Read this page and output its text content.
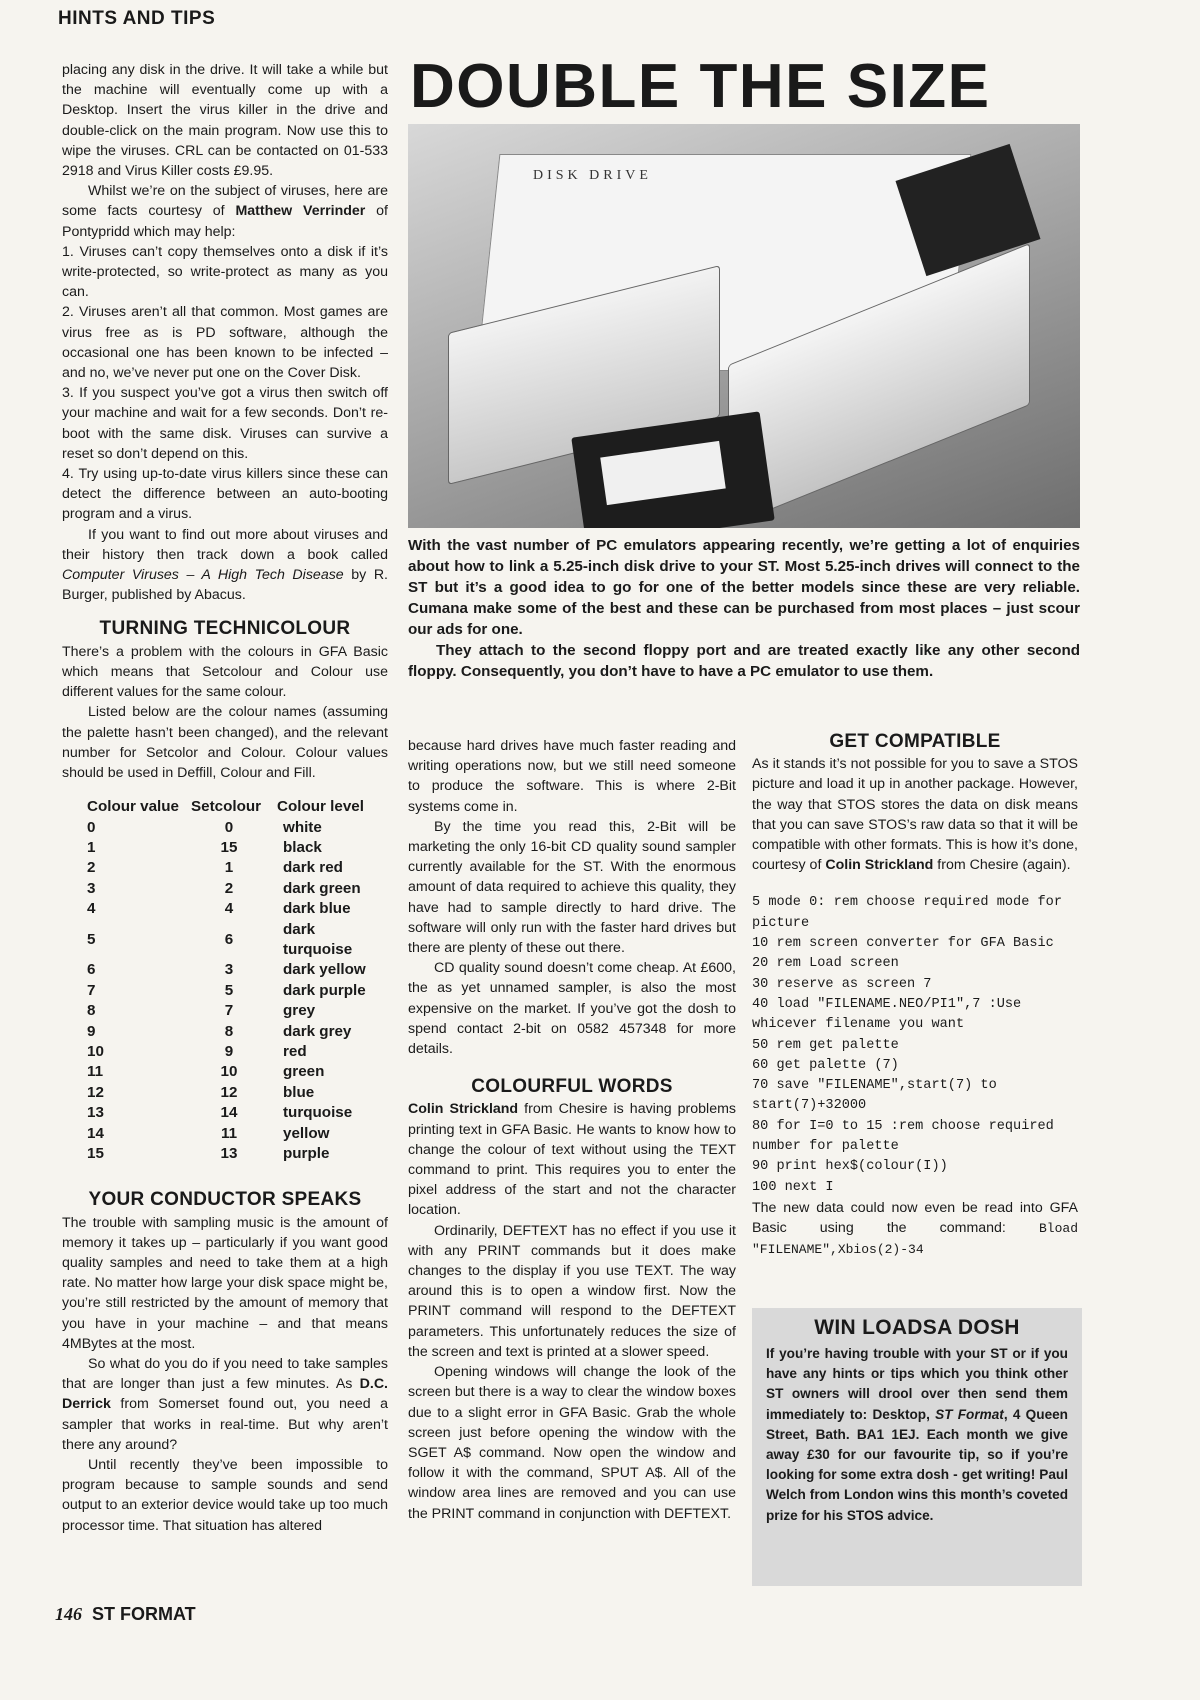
HINTS AND TIPS

placing any disk in the drive. It will take a while but the machine will eventually come up with a Desktop. Insert the virus killer in the drive and double-click on the main program. Now use this to wipe the viruses. CRL can be contacted on 01-533 2918 and Virus Killer costs £9.95.

Whilst we’re on the subject of viruses, here are some facts courtesy of Matthew Verrinder of Pontypridd which may help:

1. Viruses can’t copy themselves onto a disk if it’s write-protected, so write-protect as many as you can.

2. Viruses aren’t all that common. Most games are virus free as is PD software, although the occasional one has been known to be infected – and no, we’ve never put one on the Cover Disk.

3. If you suspect you’ve got a virus then switch off your machine and wait for a few seconds. Don’t re-boot with the same disk. Viruses can survive a reset so don’t depend on this.

4. Try using up-to-date virus killers since these can detect the difference between an auto-booting program and a virus.

If you want to find out more about viruses and their history then track down a book called Computer Viruses – A High Tech Disease by R. Burger, published by Abacus.

TURNING TECHNICOLOUR

There’s a problem with the colours in GFA Basic which means that Setcolour and Colour use different values for the same colour.

Listed below are the colour names (assuming the palette hasn’t been changed), and the relevant number for Setcolor and Colour. Colour values should be used in Deffill, Colour and Fill.

Colour value	Setcolour	Colour level
0	0	white
1	15	black
2	1	dark red
3	2	dark green
4	4	dark blue
5	6	dark turquoise
6	3	dark yellow
7	5	dark purple
8	7	grey
9	8	dark grey
10	9	red
11	10	green
12	12	blue
13	14	turquoise
14	11	yellow
15	13	purple
YOUR CONDUCTOR SPEAKS

The trouble with sampling music is the amount of memory it takes up – particularly if you want good quality samples and need to take them at a high rate. No matter how large your disk space might be, you’re still restricted by the amount of memory that you have in your machine – and that means 4MBytes at the most.

So what do you do if you need to take samples that are longer than just a few minutes. As D.C. Derrick from Somerset found out, you need a sampler that works in real-time. But why aren’t there any around?

Until recently they’ve been impossible to program because to sample sounds and send output to an exterior device would take up too much processor time. That situation has altered

DOUBLE THE SIZE
DISK DRIVE

With the vast number of PC emulators appearing recently, we’re getting a lot of enquiries about how to link a 5.25-inch disk drive to your ST. Most 5.25-inch drives will connect to the ST but it’s a good idea to go for one of the better models since these are very reliable. Cumana make some of the best and these can be purchased from most places – just scour our ads for one.

They attach to the second floppy port and are treated exactly like any other second floppy. Consequently, you don’t have to have a PC emulator to use them.

because hard drives have much faster reading and writing operations now, but we still need someone to produce the software. This is where 2-Bit systems come in.

By the time you read this, 2-Bit will be marketing the only 16-bit CD quality sound sampler currently available for the ST. With the enormous amount of data required to achieve this quality, they have had to sample directly to hard drive. The software will only run with the faster hard drives but there are plenty of these out there.

CD quality sound doesn’t come cheap. At £600, the as yet unnamed sampler, is also the most expensive on the market. If you’ve got the dosh to spend contact 2-bit on 0582 457348 for more details.

COLOURFUL WORDS

Colin Strickland from Chesire is having problems printing text in GFA Basic. He wants to know how to change the colour of text without using the TEXT command to print. This requires you to enter the pixel address of the start and not the character location.

Ordinarily, DEFTEXT has no effect if you use it with any PRINT commands but it does make changes to the display if you use TEXT. The way around this is to open a window first. Now the PRINT command will respond to the DEFTEXT parameters. This unfortunately reduces the size of the screen and text is printed at a slower speed.

Opening windows will change the look of the screen but there is a way to clear the window boxes due to a slight error in GFA Basic. Grab the whole screen just before opening the window with the SGET A$ command. Now open the window and follow it with the command, SPUT A$. All of the window area lines are removed and you can use the PRINT command in conjunction with DEFTEXT.

GET COMPATIBLE

As it stands it’s not possible for you to save a STOS picture and load it up in another package. However, the way that STOS stores the data on disk means that you can save STOS’s raw data so that it will be compatible with other formats. This is how it’s done, courtesy of Colin Strickland from Chesire (again).

5 mode 0: rem choose required mode for picture
10 rem screen converter for GFA Basic
20 rem Load screen
30 reserve as screen 7
40 load "FILENAME.NEO/PI1",7 :Use whicever filename you want
50 rem get palette
60 get palette (7)
70 save "FILENAME",start(7) to start(7)+32000
80 for I=0 to 15 :rem choose required number for palette
90 print hex$(colour(I))
100 next I

The new data could now even be read into GFA Basic using the command: Bload "FILENAME",Xbios(2)-34

WIN LOADSA DOSH
If you’re having trouble with your ST or if you have any hints or tips which you think other ST owners will drool over then send them immediately to: Desktop, ST Format, 4 Queen Street, Bath. BA1 1EJ. Each month we give away £30 for our favourite tip, so if you’re looking for some extra dosh - get writing! Paul Welch from London wins this month’s coveted prize for his STOS advice.
146 ST FORMAT
